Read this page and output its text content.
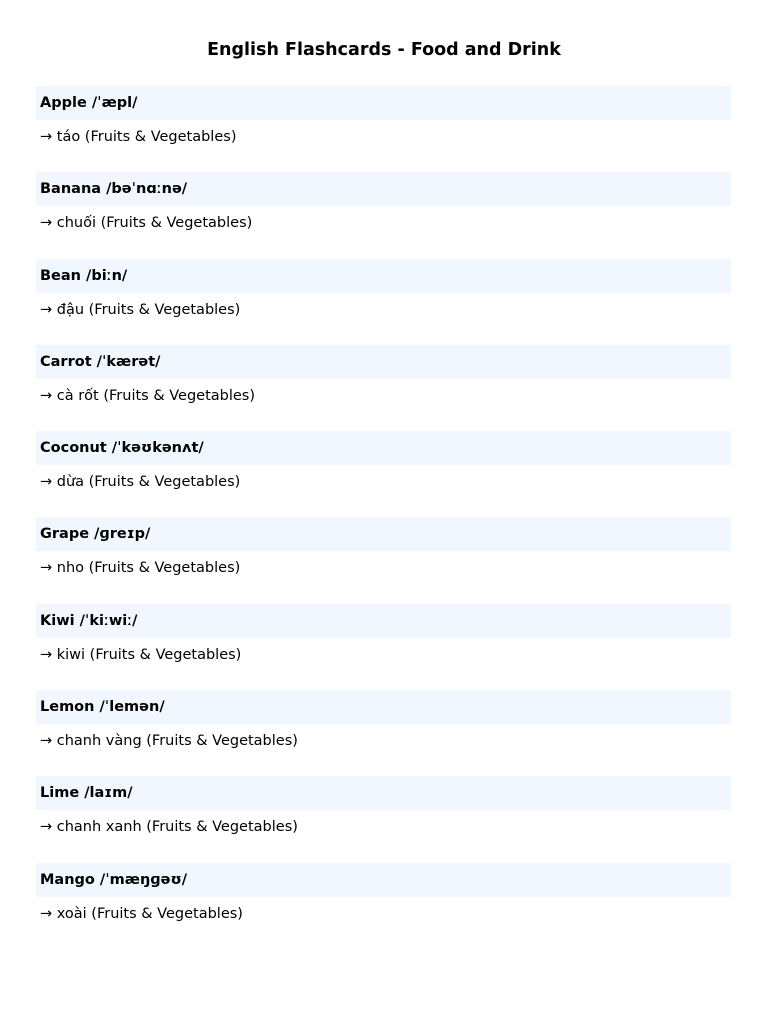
English Flashcards - Food and Drink
Apple /ˈæpl/
→ táo (Fruits & Vegetables)
Banana /bəˈnɑːnə/
→ chuối (Fruits & Vegetables)
Bean /biːn/
→ đậu (Fruits & Vegetables)
Carrot /ˈkærət/
→ cà rốt (Fruits & Vegetables)
Coconut /ˈkəʊkənʌt/
→ dừa (Fruits & Vegetables)
Grape /ɡreɪp/
→ nho (Fruits & Vegetables)
Kiwi /ˈkiːwiː/
→ kiwi (Fruits & Vegetables)
Lemon /ˈlemən/
→ chanh vàng (Fruits & Vegetables)
Lime /laɪm/
→ chanh xanh (Fruits & Vegetables)
Mango /ˈmæŋɡəʊ/
→ xoài (Fruits & Vegetables)
